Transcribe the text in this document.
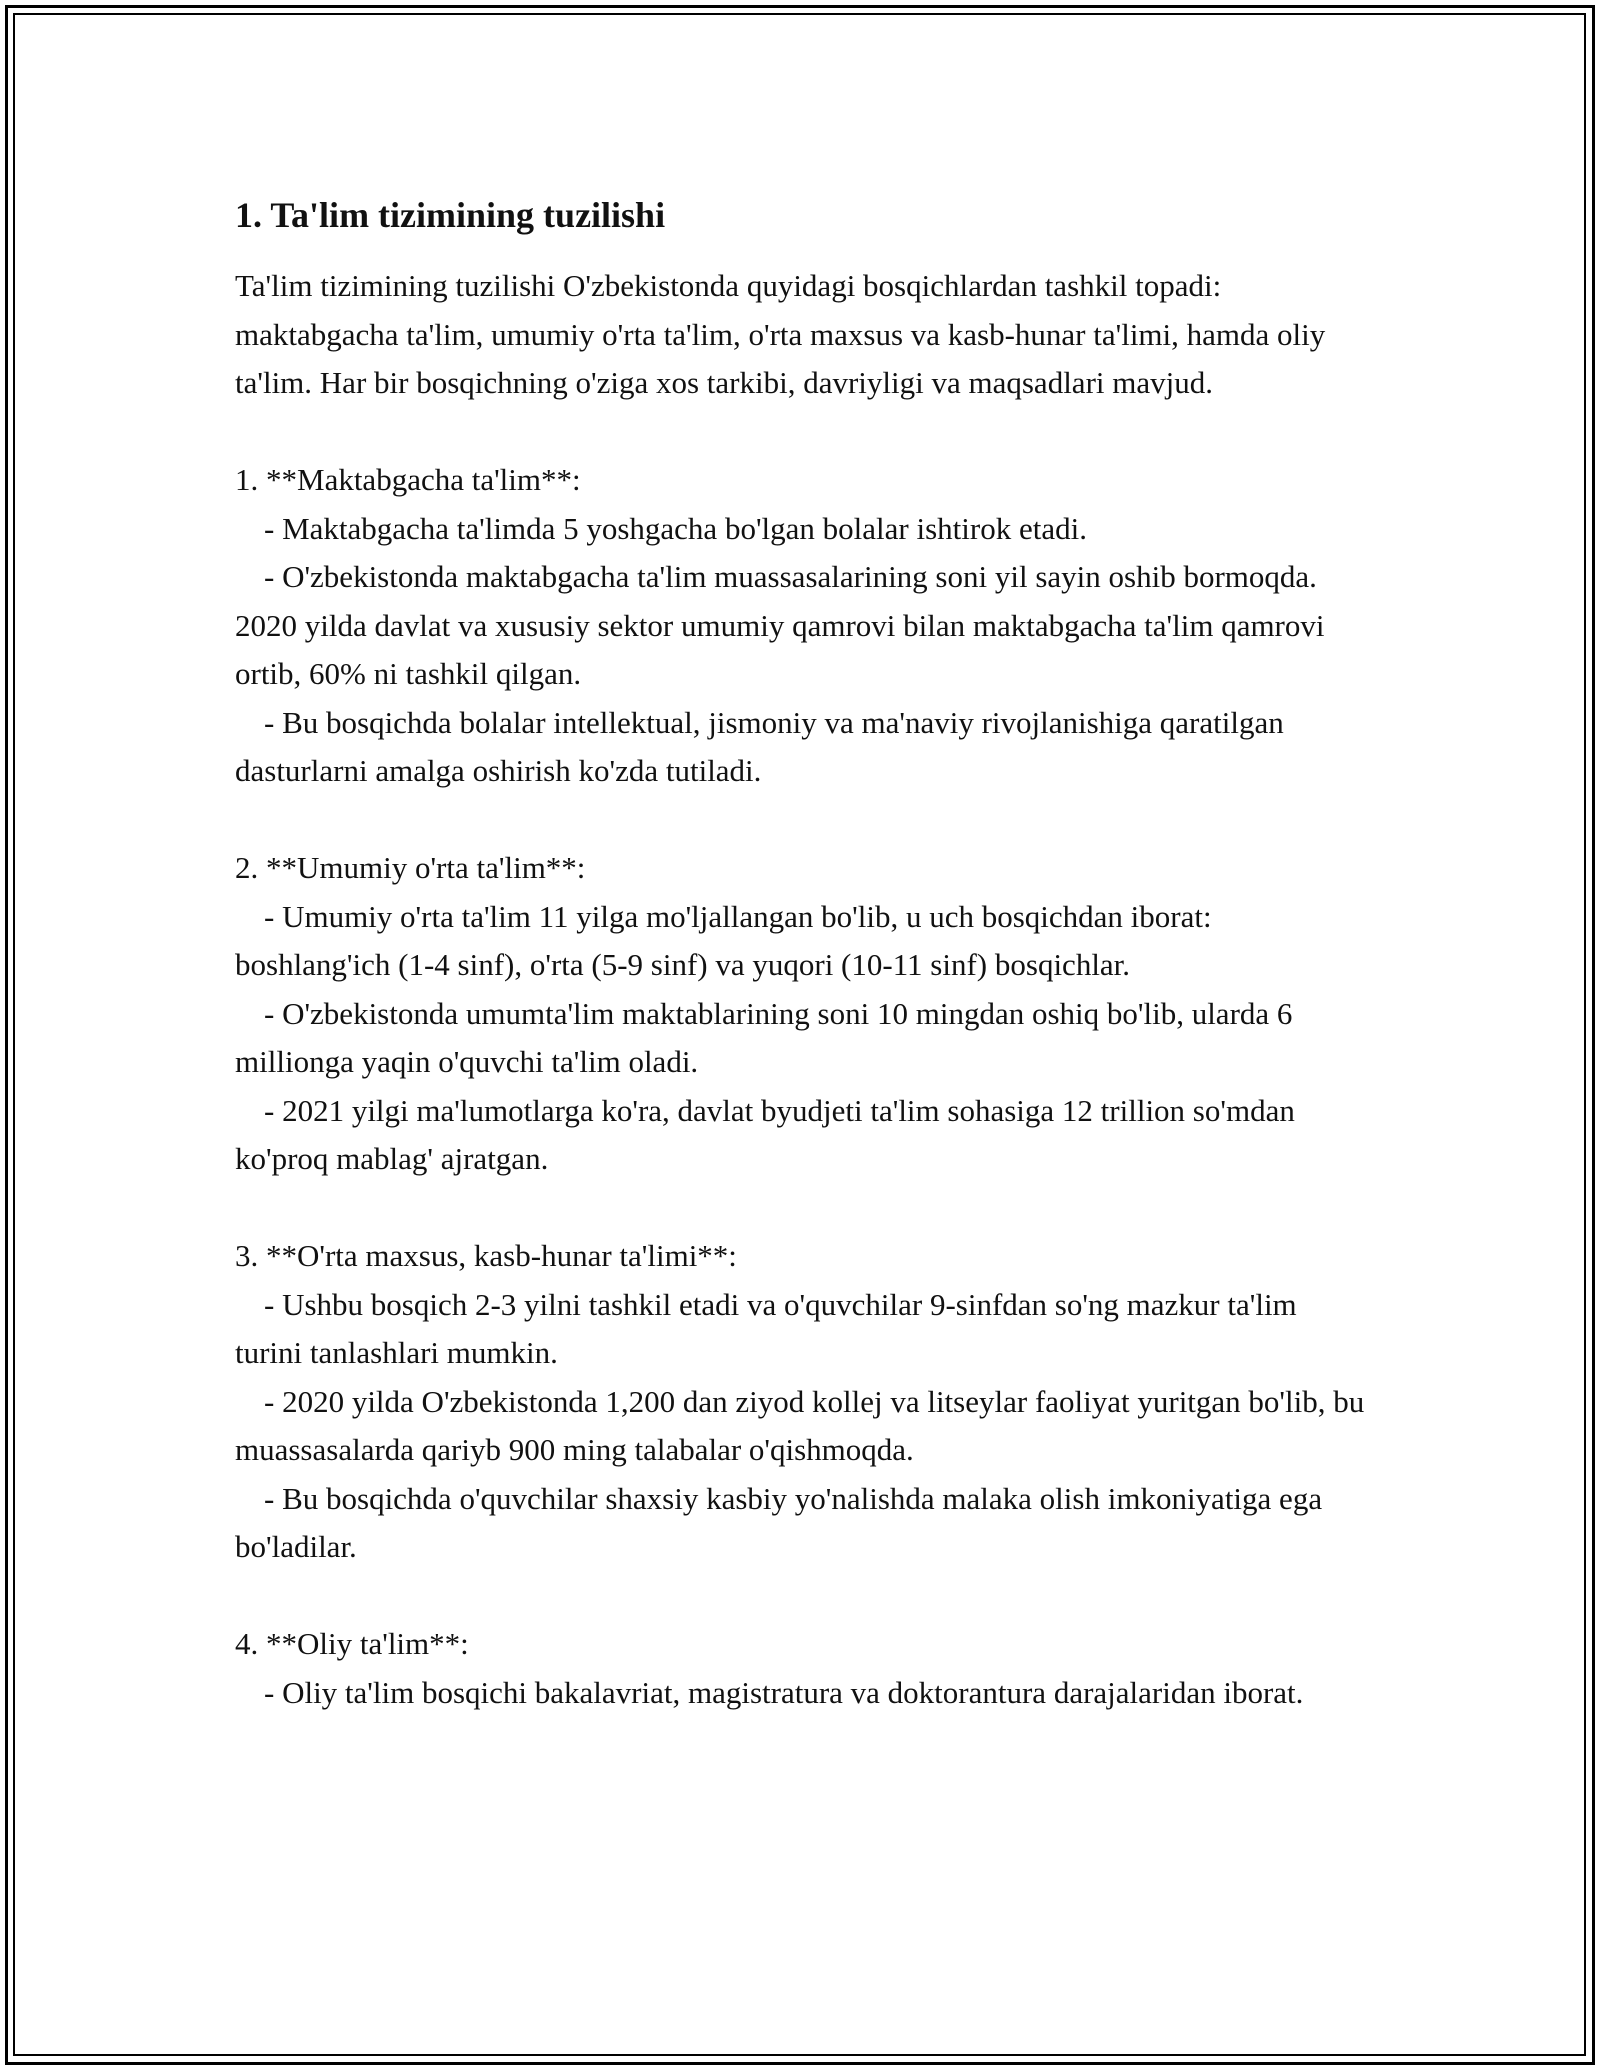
1. Ta'lim tizimining tuzilishi

Ta'lim tizimining tuzilishi O'zbekistonda quyidagi bosqichlardan tashkil topadi: maktabgacha ta'lim, umumiy o'rta ta'lim, o'rta maxsus va kasb-hunar ta'limi, hamda oliy ta'lim. Har bir bosqichning o'ziga xos tarkibi, davriyligi va maqsadlari mavjud.

1. **Maktabgacha ta'lim**:
- Maktabgacha ta'limda 5 yoshgacha bo'lgan bolalar ishtirok etadi.
- O'zbekistonda maktabgacha ta'lim muassasalarining soni yil sayin oshib bormoqda. 2020 yilda davlat va xususiy sektor umumiy qamrovi bilan maktabgacha ta'lim qamrovi ortib, 60% ni tashkil qilgan.
- Bu bosqichda bolalar intellektual, jismoniy va ma'naviy rivojlanishiga qaratilgan dasturlarni amalga oshirish ko'zda tutiladi.
2. **Umumiy o'rta ta'lim**:
- Umumiy o'rta ta'lim 11 yilga mo'ljallangan bo'lib, u uch bosqichdan iborat: boshlang'ich (1-4 sinf), o'rta (5-9 sinf) va yuqori (10-11 sinf) bosqichlar.
- O'zbekistonda umumta'lim maktablarining soni 10 mingdan oshiq bo'lib, ularda 6 millionga yaqin o'quvchi ta'lim oladi.
- 2021 yilgi ma'lumotlarga ko'ra, davlat byudjeti ta'lim sohasiga 12 trillion so'mdan ko'proq mablag' ajratgan.
3. **O'rta maxsus, kasb-hunar ta'limi**:
- Ushbu bosqich 2-3 yilni tashkil etadi va o'quvchilar 9-sinfdan so'ng mazkur ta'lim turini tanlashlari mumkin.
- 2020 yilda O'zbekistonda 1,200 dan ziyod kollej va litseylar faoliyat yuritgan bo'lib, bu muassasalarda qariyb 900 ming talabalar o'qishmoqda.
- Bu bosqichda o'quvchilar shaxsiy kasbiy yo'nalishda malaka olish imkoniyatiga ega bo'ladilar.
4. **Oliy ta'lim**:
- Oliy ta'lim bosqichi bakalavriat, magistratura va doktorantura darajalaridan iborat.
